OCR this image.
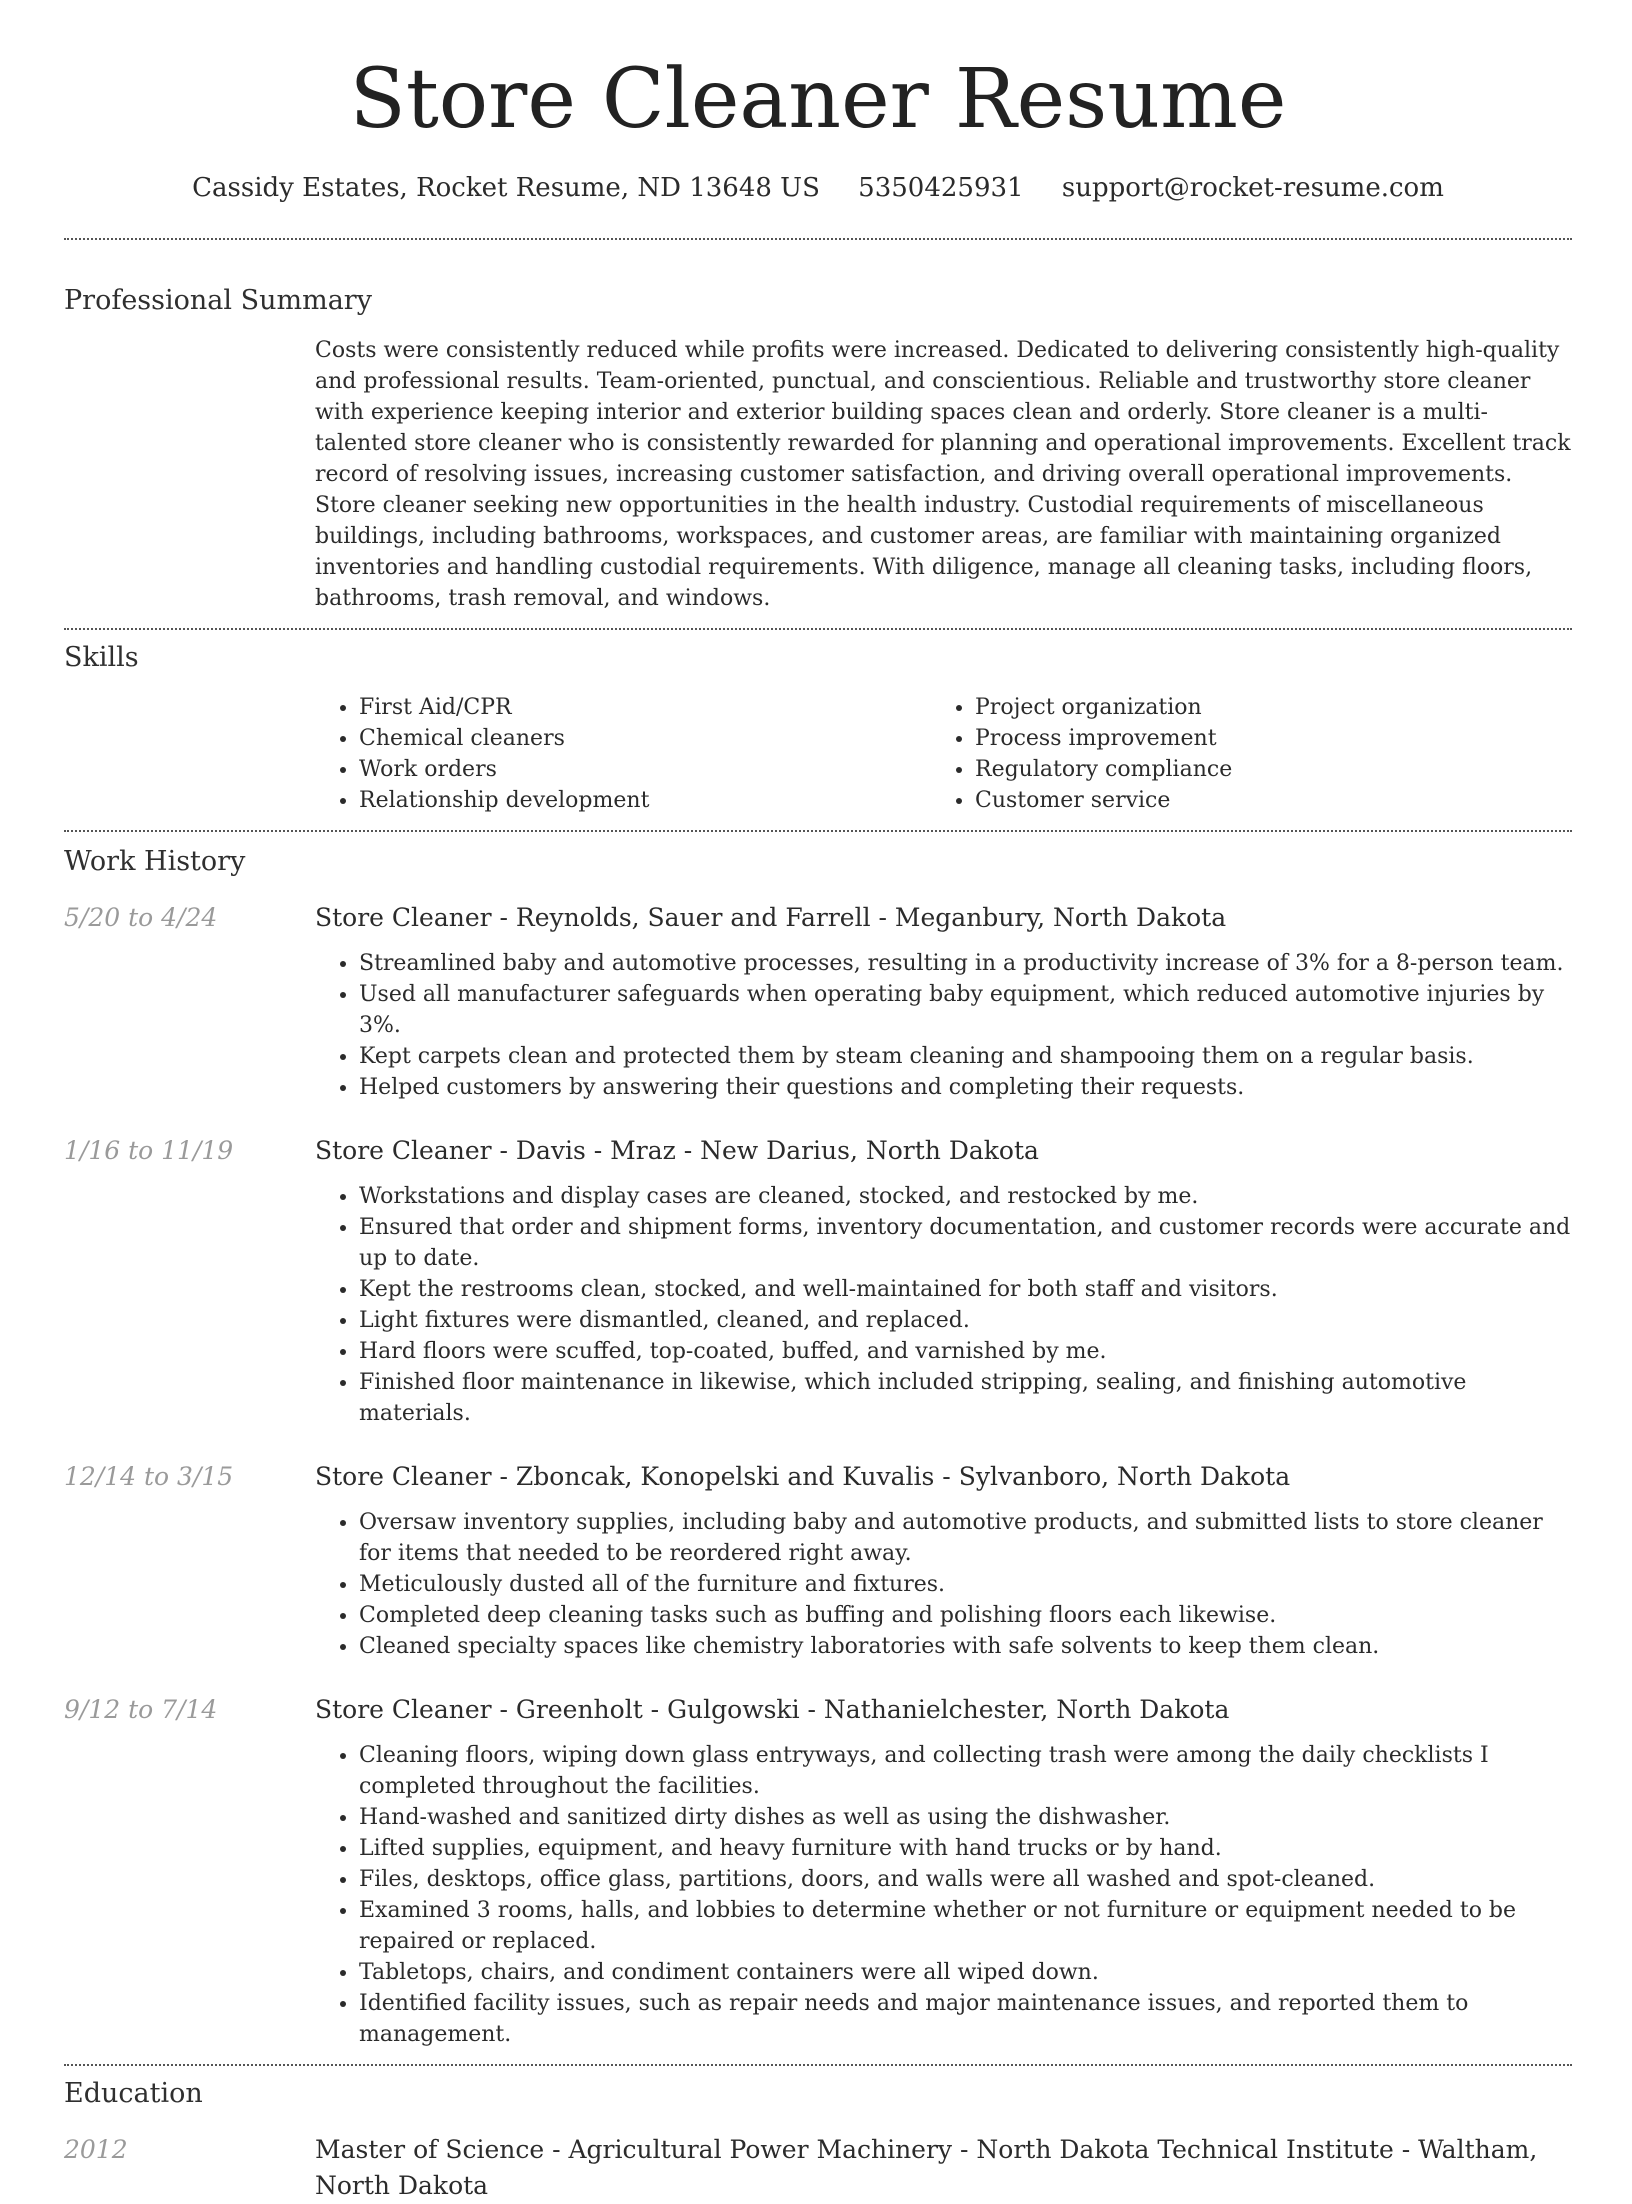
Store Cleaner Resume
Cassidy Estates, Rocket Resume, ND 13648 US 5350425931 support@rocket-resume.com
Professional Summary

Costs were consistently reduced while profits were increased. Dedicated to delivering consistently high-quality and professional results. Team-oriented, punctual, and conscientious. Reliable and trustworthy store cleaner with experience keeping interior and exterior building spaces clean and orderly. Store cleaner is a multi-talented store cleaner who is consistently rewarded for planning and operational improvements. Excellent track record of resolving issues, increasing customer satisfaction, and driving overall operational improvements. Store cleaner seeking new opportunities in the health industry. Custodial requirements of miscellaneous buildings, including bathrooms, workspaces, and customer areas, are familiar with maintaining organized inventories and handling custodial requirements. With diligence, manage all cleaning tasks, including floors, bathrooms, trash removal, and windows.

Skills
• First Aid/CPR
• Chemical cleaners
• Work orders
• Relationship development
• Project organization
• Process improvement
• Regulatory compliance
• Customer service
Work History
5/20 to 4/24	Store Cleaner - Reynolds, Sauer and Farrell - Meganbury, North Dakota
• Streamlined baby and automotive processes, resulting in a productivity increase of 3% for a 8-person team.
• Used all manufacturer safeguards when operating baby equipment, which reduced automotive injuries by 3%.
• Kept carpets clean and protected them by steam cleaning and shampooing them on a regular basis.
• Helped customers by answering their questions and completing their requests.
1/16 to 11/19	Store Cleaner - Davis - Mraz - New Darius, North Dakota
• Workstations and display cases are cleaned, stocked, and restocked by me.
• Ensured that order and shipment forms, inventory documentation, and customer records were accurate and up to date.
• Kept the restrooms clean, stocked, and well-maintained for both staff and visitors.
• Light fixtures were dismantled, cleaned, and replaced.
• Hard floors were scuffed, top-coated, buffed, and varnished by me.
• Finished floor maintenance in likewise, which included stripping, sealing, and finishing automotive materials.
12/14 to 3/15	Store Cleaner - Zboncak, Konopelski and Kuvalis - Sylvanboro, North Dakota
• Oversaw inventory supplies, including baby and automotive products, and submitted lists to store cleaner for items that needed to be reordered right away.
• Meticulously dusted all of the furniture and fixtures.
• Completed deep cleaning tasks such as buffing and polishing floors each likewise.
• Cleaned specialty spaces like chemistry laboratories with safe solvents to keep them clean.
9/12 to 7/14	Store Cleaner - Greenholt - Gulgowski - Nathanielchester, North Dakota
• Cleaning floors, wiping down glass entryways, and collecting trash were among the daily checklists I completed throughout the facilities.
• Hand-washed and sanitized dirty dishes as well as using the dishwasher.
• Lifted supplies, equipment, and heavy furniture with hand trucks or by hand.
• Files, desktops, office glass, partitions, doors, and walls were all washed and spot-cleaned.
• Examined 3 rooms, halls, and lobbies to determine whether or not furniture or equipment needed to be repaired or replaced.
• Tabletops, chairs, and condiment containers were all wiped down.
• Identified facility issues, such as repair needs and major maintenance issues, and reported them to management.
Education
2012	Master of Science - Agricultural Power Machinery - North Dakota Technical Institute - Waltham, North Dakota
